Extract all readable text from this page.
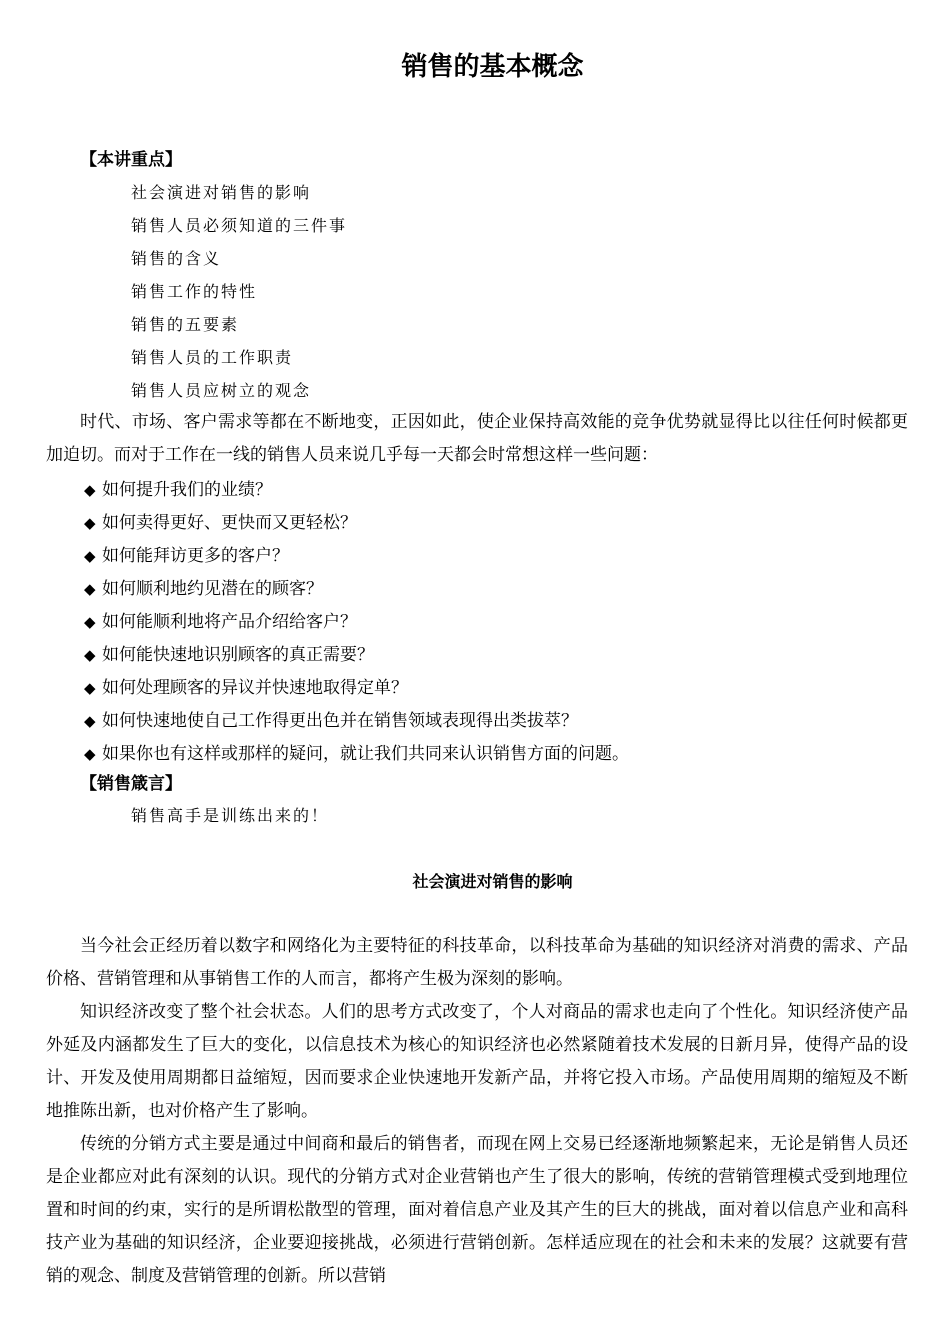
销售的基本概念
【本讲重点】
社会演进对销售的影响
销售人员必须知道的三件事
销售的含义
销售工作的特性
销售的五要素
销售人员的工作职责
销售人员应树立的观念

时代、市场、客户需求等都在不断地变，正因如此，使企业保持高效能的竞争优势就显得比以往任何时候都更加迫切。而对于工作在一线的销售人员来说几乎每一天都会时常想这样一些问题：

◆ 如何提升我们的业绩？
◆ 如何卖得更好、更快而又更轻松？
◆ 如何能拜访更多的客户？
◆ 如何顺利地约见潜在的顾客？
◆ 如何能顺利地将产品介绍给客户？
◆ 如何能快速地识别顾客的真正需要？
◆ 如何处理顾客的异议并快速地取得定单？
◆ 如何快速地使自己工作得更出色并在销售领域表现得出类拔萃？
◆ 如果你也有这样或那样的疑问，就让我们共同来认识销售方面的问题。
【销售箴言】

销售高手是训练出来的！

社会演进对销售的影响

当今社会正经历着以数字和网络化为主要特征的科技革命，以科技革命为基础的知识经济对消费的需求、产品价格、营销管理和从事销售工作的人而言，都将产生极为深刻的影响。

知识经济改变了整个社会状态。人们的思考方式改变了，个人对商品的需求也走向了个性化。知识经济使产品外延及内涵都发生了巨大的变化，以信息技术为核心的知识经济也必然紧随着技术发展的日新月异，使得产品的设计、开发及使用周期都日益缩短，因而要求企业快速地开发新产品，并将它投入市场。产品使用周期的缩短及不断地推陈出新，也对价格产生了影响。

传统的分销方式主要是通过中间商和最后的销售者，而现在网上交易已经逐渐地频繁起来，无论是销售人员还是企业都应对此有深刻的认识。现代的分销方式对企业营销也产生了很大的影响，传统的营销管理模式受到地理位置和时间的约束，实行的是所谓松散型的管理，面对着信息产业及其产生的巨大的挑战，面对着以信息产业和高科技产业为基础的知识经济，企业要迎接挑战，必须进行营销创新。怎样适应现在的社会和未来的发展？这就要有营销的观念、制度及营销管理的创新。所以营销
